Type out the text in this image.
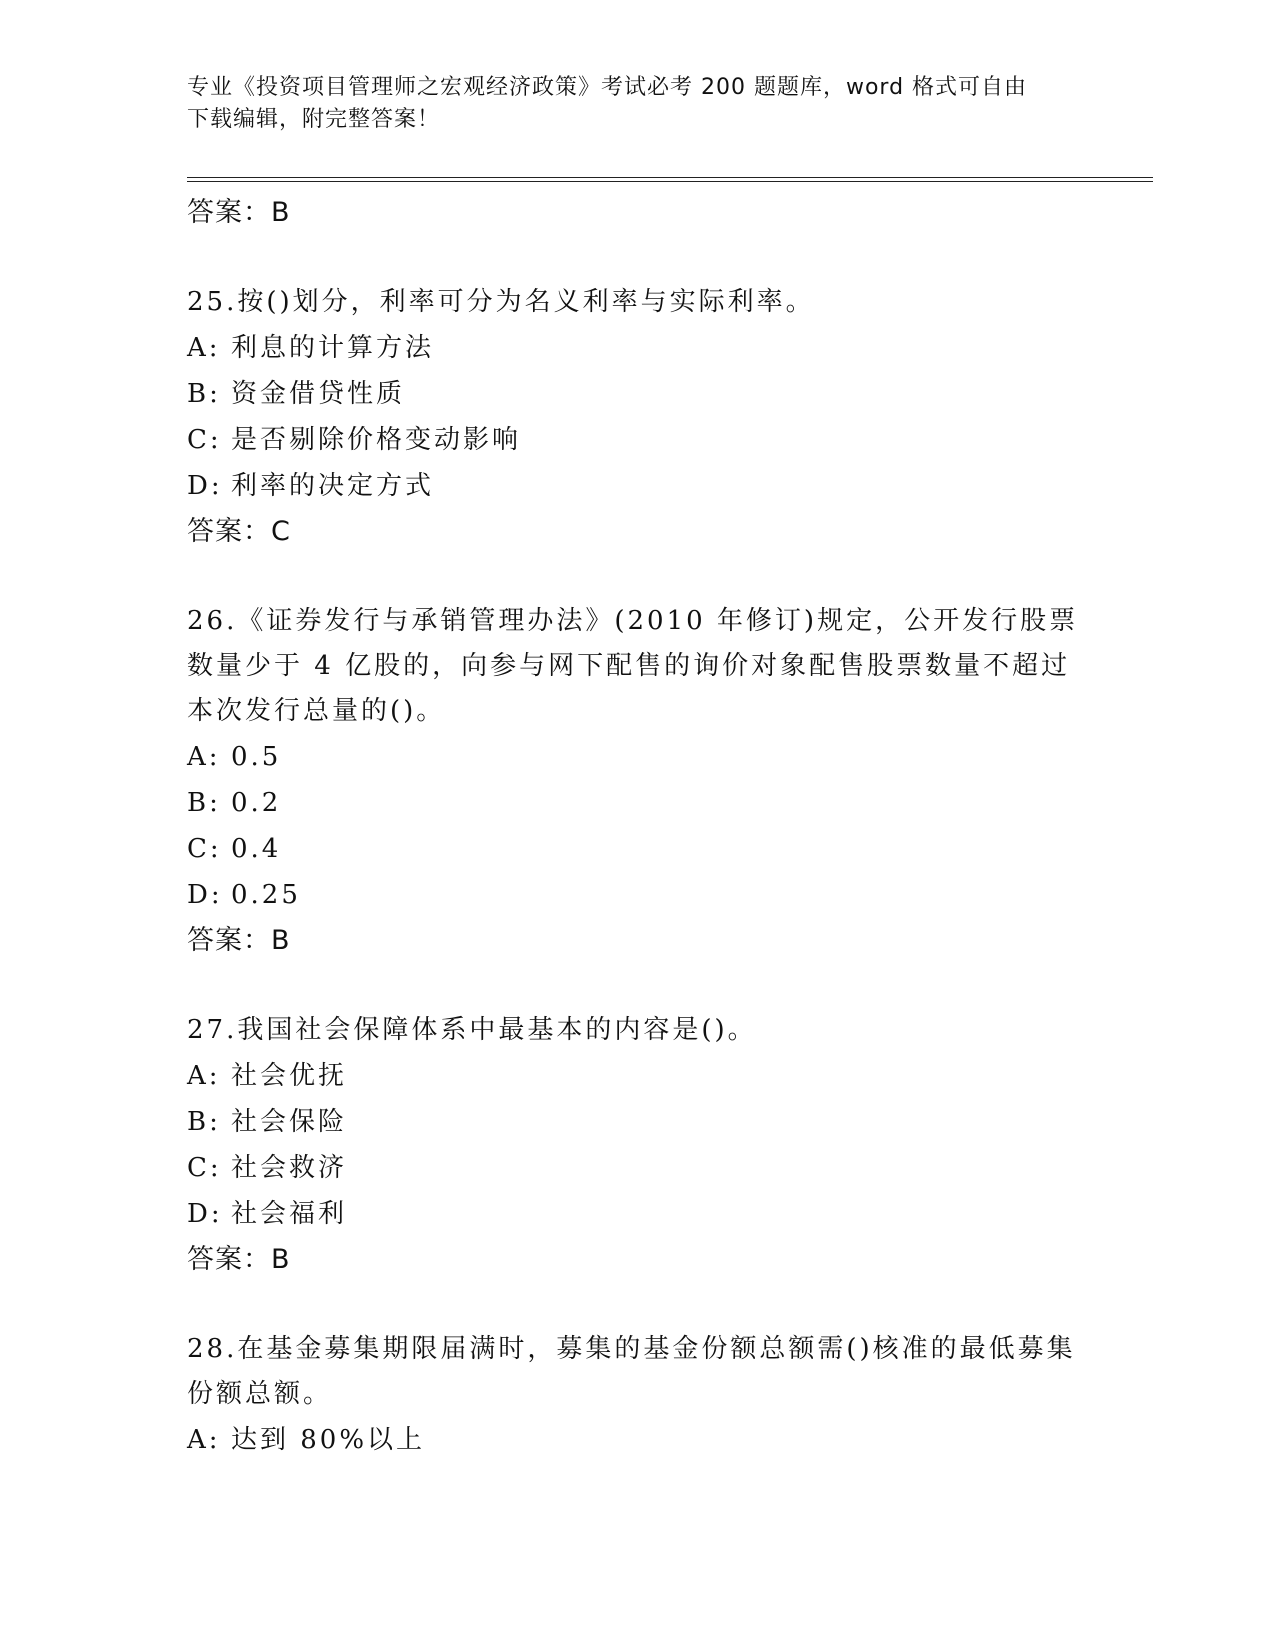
专业《投资项目管理师之宏观经济政策》考试必考 200 题题库，word 格式可自由
下载编辑，附完整答案！
答案：B
25.按()划分，利率可分为名义利率与实际利率。
A: 利息的计算方法
B: 资金借贷性质
C: 是否剔除价格变动影响
D: 利率的决定方式
答案：C
26.《证券发行与承销管理办法》(2010 年修订)规定，公开发行股票数量少于 4 亿股的，向参与网下配售的询价对象配售股票数量不超过本次发行总量的()。
A: 0.5
B: 0.2
C: 0.4
D: 0.25
答案：B
27.我国社会保障体系中最基本的内容是()。
A: 社会优抚
B: 社会保险
C: 社会救济
D: 社会福利
答案：B
28.在基金募集期限届满时，募集的基金份额总额需()核准的最低募集份额总额。
A: 达到 80%以上
